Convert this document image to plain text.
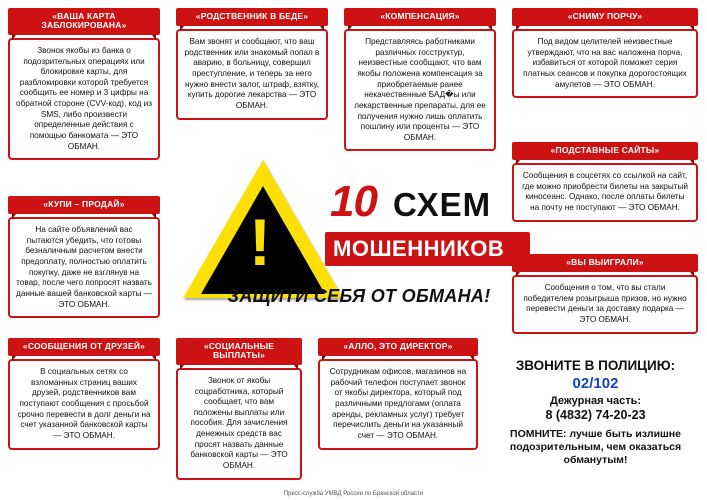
«ВАША КАРТА ЗАБЛОКИРОВАНА»
Звонок якобы из банка о подозрительных операциях или блокировке карты, для разблокировки которой требуется сообщить ее номер и 3 цифры на обратной стороне (CVV-код), код из SMS, либо произвести определенные действия с помощью банкомата — ЭТО ОБМАН.
«КУПИ – ПРОДАЙ»
На сайте объявлений вас пытаются убедить, что готовы безналичным расчетом внести предоплату, полностью оплатить покупку, даже не взглянув на товар, после чего попросят назвать данные вашей банковской карты — ЭТО ОБМАН.
«СООБЩЕНИЯ ОТ ДРУЗЕЙ»
В социальных сетях со взломанных страниц ваших друзей, родственников вам поступают сообщения с просьбой срочно перевести в долг деньги на счет указанной банковской карты — ЭТО ОБМАН.
«РОДСТВЕННИК В БЕДЕ»
Вам звонят и сообщают, что ваш родственник или знакомый попал в аварию, в больницу, совершил преступление, и теперь за него нужно внести залог, штраф, взятку, купить дорогие лекарства — ЭТО ОБМАН.
«СОЦИАЛЬНЫЕ ВЫПЛАТЫ»
Звонок от якобы соцработника, который сообщает, что вам положены выплаты или пособия. Для зачисления денежных средств вас просят назвать данные банковской карты — ЭТО ОБМАН.
«КОМПЕНСАЦИЯ»
Представляясь работниками различных госструктур, неизвестные сообщают, что вам якобы положена компенсация за приобретаемые ранее некачественные БАД�ы или лекарственные препараты, для ее получения нужно лишь оплатить пошлину или проценты — ЭТО ОБМАН.
«АЛЛО, ЭТО ДИРЕКТОР»
Сотрудникам офисов, магазинов на рабочий телефон поступает звонок от якобы директора, который под различными предлогами (оплата аренды, рекламных услуг) требует перечислить деньги на указанный счет — ЭТО ОБМАН.
«СНИМУ ПОРЧУ»
Под видом целителей неизвестные утверждают, что на вас наложена порча, избавиться от которой поможет серия платных сеансов и покупка дорогостоящих амулетов — ЭТО ОБМАН.
«ПОДСТАВНЫЕ САЙТЫ»
Сообщения в соцсетях со ссылкой на сайт, где можно приобрести билеты на закрытый киносеанс. Однако, после оплаты билеты на почту не поступают — ЭТО ОБМАН.
«ВЫ ВЫИГРАЛИ»
Сообщения о том, что вы стали победителем розыгрыша призов, но нужно перевести деньги за доставку подарка — ЭТО ОБМАН.
!
10 СХЕМ
МОШЕННИКОВ
ЗАЩИТИ СЕБЯ ОТ ОБМАНА!
ЗВОНИТЕ В ПОЛИЦИЮ:
02/102
Дежурная часть:
8 (4832) 74-20-23
ПОМНИТЕ: лучше быть излишне подозрительным, чем оказаться обманутым!
Пресс-служба УМВД России по Брянской области
